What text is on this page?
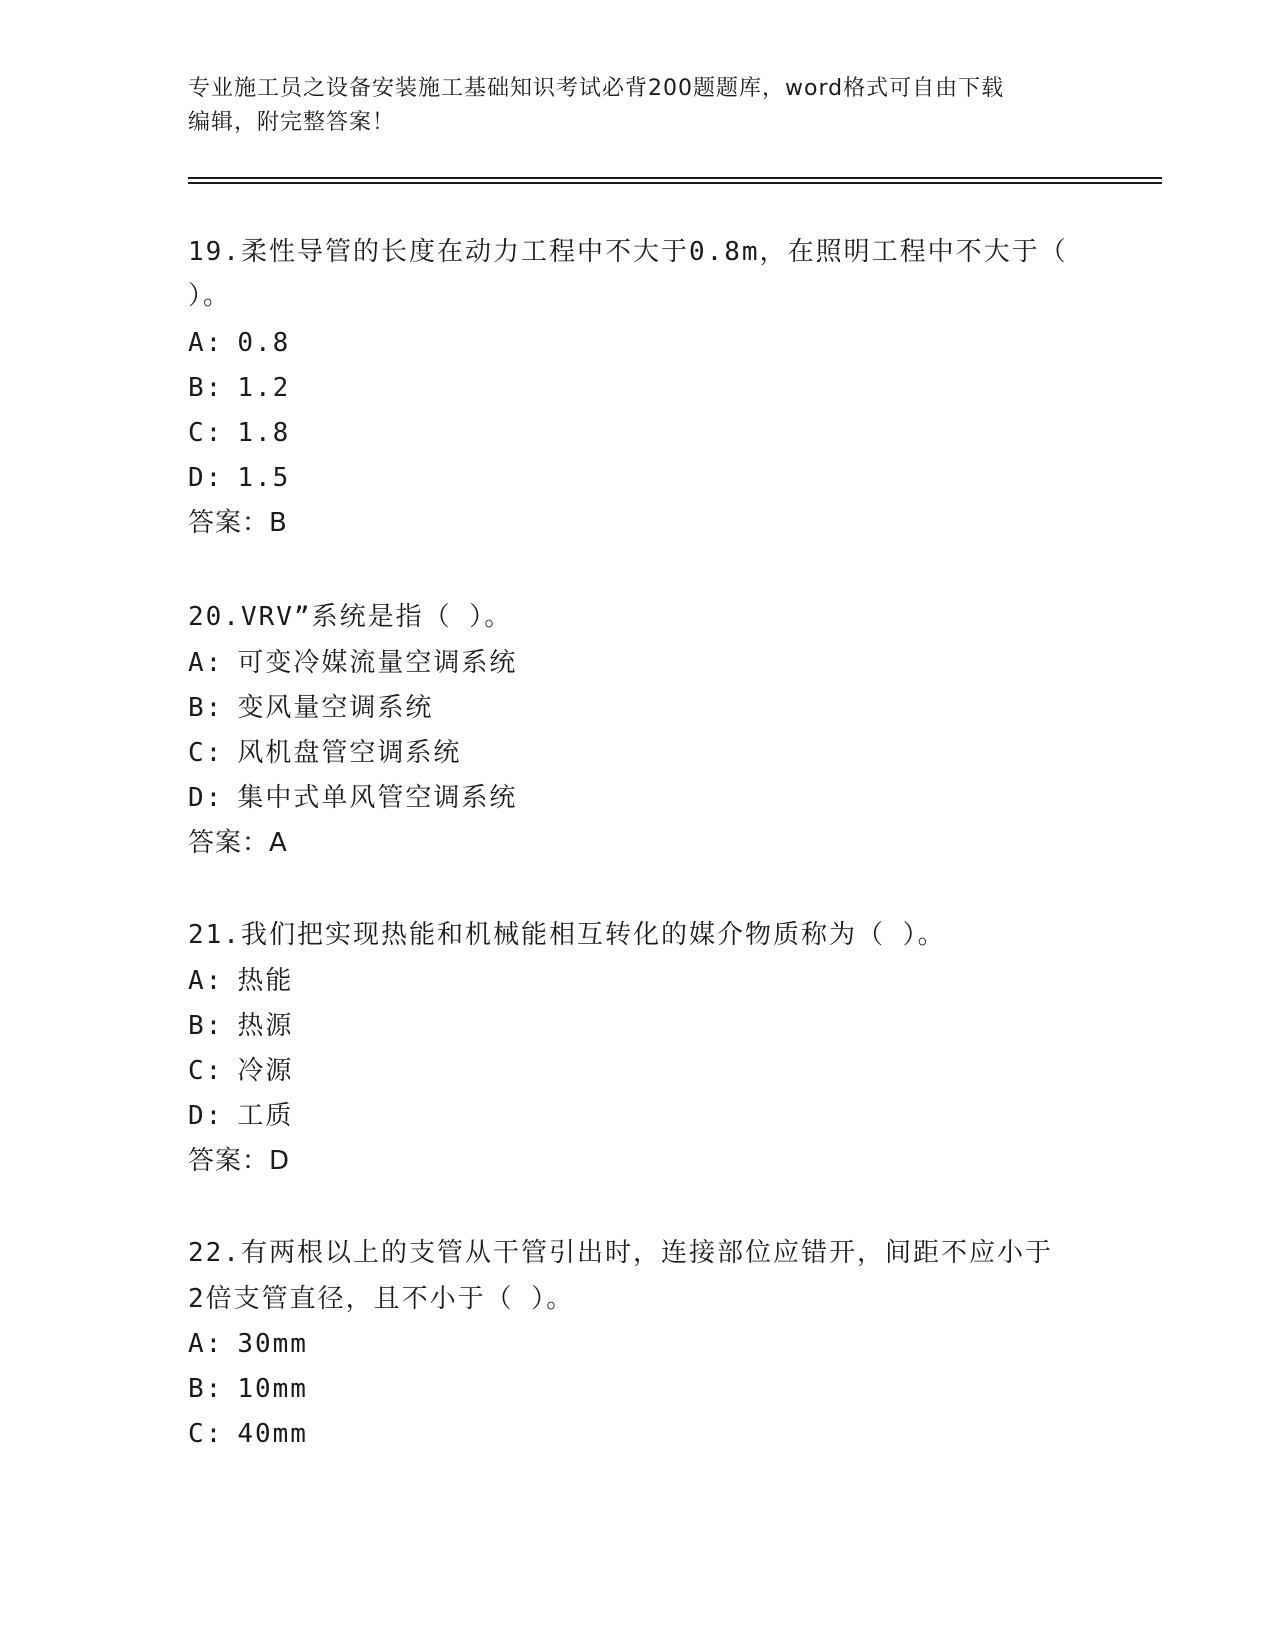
专业施工员之设备安装施工基础知识考试必背200题题库，word格式可自由下载
编辑，附完整答案！
19.柔性导管的长度在动力工程中不大于0.8m，在照明工程中不大于（
）。
A: 0.8
B: 1.2
C: 1.8
D: 1.5
答案：B
20.VRV”系统是指（ ）。
A: 可变冷媒流量空调系统
B: 变风量空调系统
C: 风机盘管空调系统
D: 集中式单风管空调系统
答案：A
21.我们把实现热能和机械能相互转化的媒介物质称为（ ）。
A: 热能
B: 热源
C: 冷源
D: 工质
答案：D
22.有两根以上的支管从干管引出时，连接部位应错开，间距不应小于
2倍支管直径，且不小于（ ）。
A: 30mm
B: 10mm
C: 40mm
